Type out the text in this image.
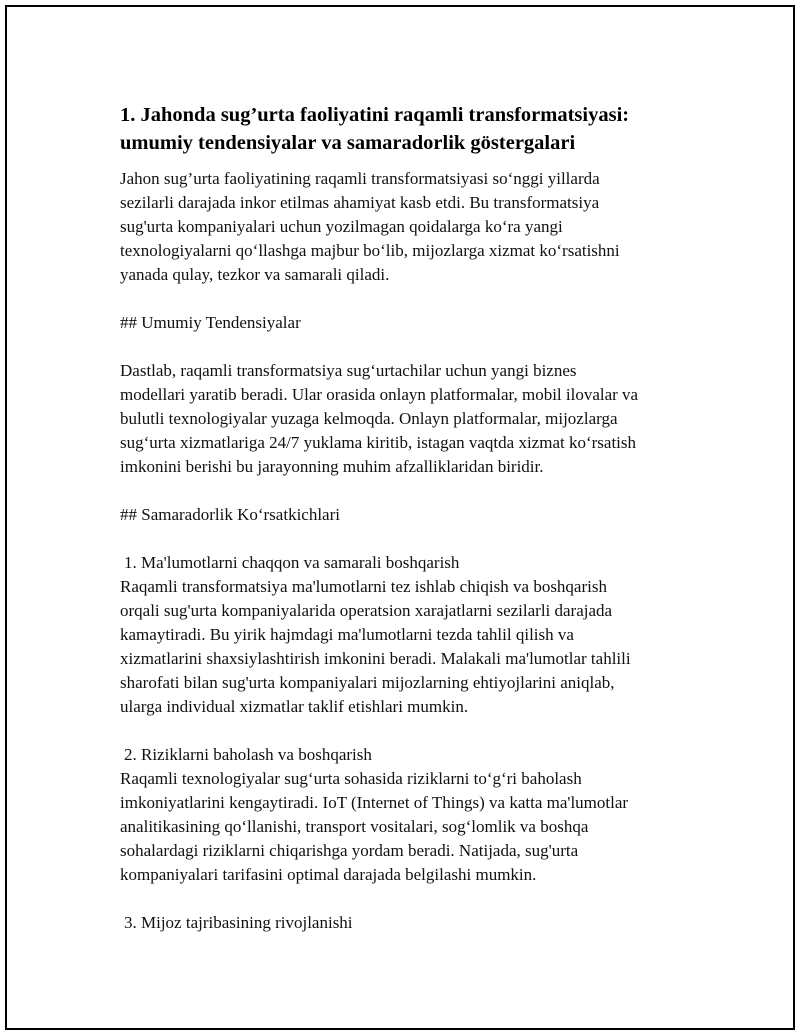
1. Jahonda sug’urta faoliyatini raqamli transformatsiyasi:
umumiy tendensiyalar va samaradorlik göstergalari
Jahon sug’urta faoliyatining raqamli transformatsiyasi so‘nggi yillarda
sezilarli darajada inkor etilmas ahamiyat kasb etdi. Bu transformatsiya
sug'urta kompaniyalari uchun yozilmagan qoidalarga ko‘ra yangi
texnologiyalarni qo‘llashga majbur bo‘lib, mijozlarga xizmat ko‘rsatishni
yanada qulay, tezkor va samarali qiladi.
## Umumiy Tendensiyalar
Dastlab, raqamli transformatsiya sug‘urtachilar uchun yangi biznes
modellari yaratib beradi. Ular orasida onlayn platformalar, mobil ilovalar va
bulutli texnologiyalar yuzaga kelmoqda. Onlayn platformalar, mijozlarga
sug‘urta xizmatlariga 24/7 yuklama kiritib, istagan vaqtda xizmat ko‘rsatish
imkonini berishi bu jarayonning muhim afzalliklaridan biridir.
## Samaradorlik Ko‘rsatkichlari
1. Ma'lumotlarni chaqqon va samarali boshqarish
Raqamli transformatsiya ma'lumotlarni tez ishlab chiqish va boshqarish
orqali sug'urta kompaniyalarida operatsion xarajatlarni sezilarli darajada
kamaytiradi. Bu yirik hajmdagi ma'lumotlarni tezda tahlil qilish va
xizmatlarini shaxsiylashtirish imkonini beradi. Malakali ma'lumotlar tahlili
sharofati bilan sug'urta kompaniyalari mijozlarning ehtiyojlarini aniqlab,
ularga individual xizmatlar taklif etishlari mumkin.
2. Riziklarni baholash va boshqarish
Raqamli texnologiyalar sug‘urta sohasida riziklarni to‘g‘ri baholash
imkoniyatlarini kengaytiradi. IoT (Internet of Things) va katta ma'lumotlar
analitikasining qo‘llanishi, transport vositalari, sog‘lomlik va boshqa
sohalardagi riziklarni chiqarishga yordam beradi. Natijada, sug'urta
kompaniyalari tarifasini optimal darajada belgilashi mumkin.
3. Mijoz tajribasining rivojlanishi
